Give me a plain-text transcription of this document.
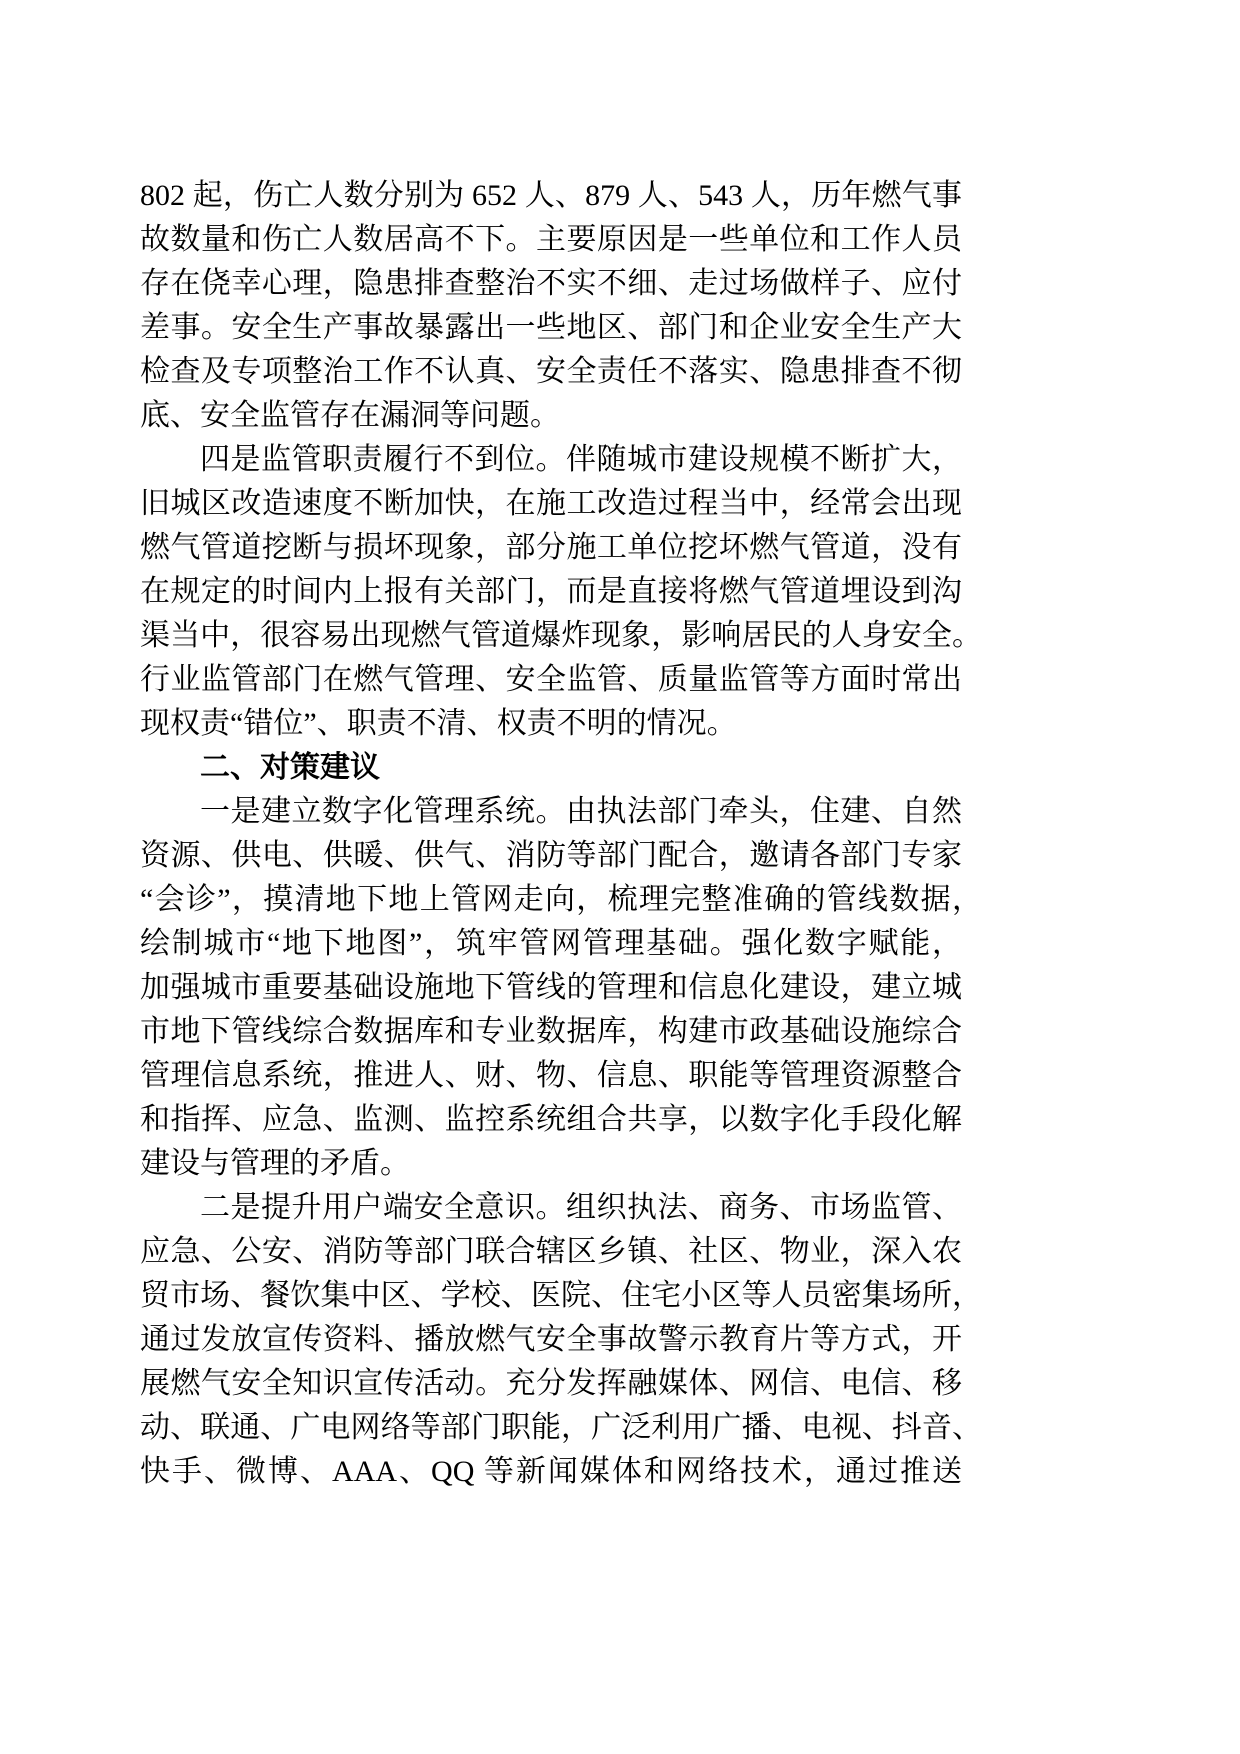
802 起，伤亡人数分别为 652 人、879 人、543 人，历年燃气事
故数量和伤亡人数居高不下。主要原因是一些单位和工作人员
存在侥幸心理，隐患排查整治不实不细、走过场做样子、应付
差事。安全生产事故暴露出一些地区、部门和企业安全生产大
检查及专项整治工作不认真、安全责任不落实、隐患排查不彻
底、安全监管存在漏洞等问题。
四是监管职责履行不到位。伴随城市建设规模不断扩大，
旧城区改造速度不断加快，在施工改造过程当中，经常会出现
燃气管道挖断与损坏现象，部分施工单位挖坏燃气管道，没有
在规定的时间内上报有关部门，而是直接将燃气管道埋设到沟
渠当中，很容易出现燃气管道爆炸现象，影响居民的人身安全。
行业监管部门在燃气管理、安全监管、质量监管等方面时常出
现权责“错位”、职责不清、权责不明的情况。
二、对策建议
一是建立数字化管理系统。由执法部门牵头，住建、自然
资源、供电、供暖、供气、消防等部门配合，邀请各部门专家
“会诊”，摸清地下地上管网走向，梳理完整准确的管线数据，
绘制城市“地下地图”，筑牢管网管理基础。强化数字赋能，
加强城市重要基础设施地下管线的管理和信息化建设，建立城
市地下管线综合数据库和专业数据库，构建市政基础设施综合
管理信息系统，推进人、财、物、信息、职能等管理资源整合
和指挥、应急、监测、监控系统组合共享，以数字化手段化解
建设与管理的矛盾。
二是提升用户端安全意识。组织执法、商务、市场监管、
应急、公安、消防等部门联合辖区乡镇、社区、物业，深入农
贸市场、餐饮集中区、学校、医院、住宅小区等人员密集场所，
通过发放宣传资料、播放燃气安全事故警示教育片等方式，开
展燃气安全知识宣传活动。充分发挥融媒体、网信、电信、移
动、联通、广电网络等部门职能，广泛利用广播、电视、抖音、
快手、微博、AAA、QQ 等新闻媒体和网络技术，通过推送
